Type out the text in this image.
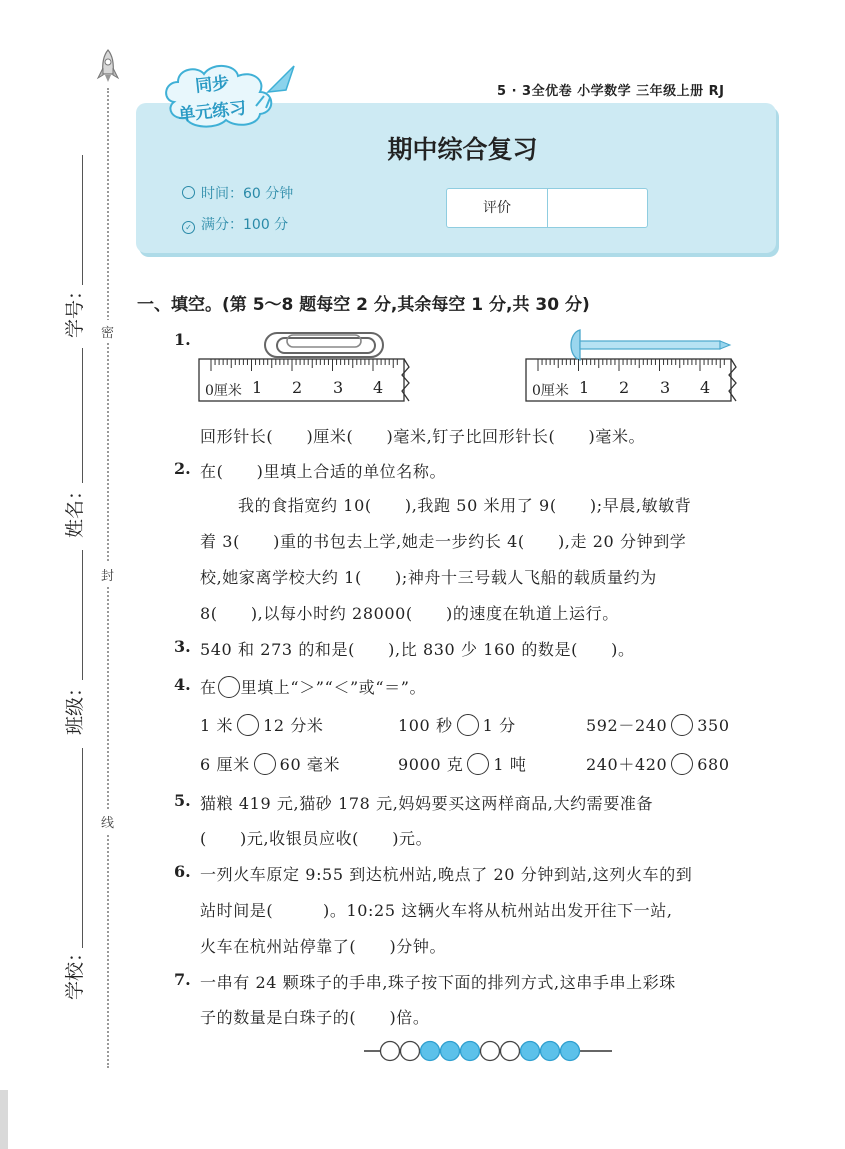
学号： 密
姓名：
封
班级：
线
学校：
5 · 3全优卷 小学数学 三年级上册 RJ
同步
单元练习
期中综合复习
时间：60 分钟
✓ 满分：100 分
评价
一、填空。(第 5～8 题每空 2 分,其余每空 1 分,共 30 分)
1.
0厘米 1 2 3 4	0厘米 1 2 3 4
回形针长(　　)厘米(　　)毫米,钉子比回形针长(　　)毫米。
2. 在(　　)里填上合适的单位名称。
我的食指宽约 10(　　),我跑 50 米用了 9(　　);早晨,敏敏背
着 3(　　)重的书包去上学,她走一步约长 4(　　),走 20 分钟到学
校,她家离学校大约 1(　　);神舟十三号载人飞船的载质量约为
8(　　),以每小时约 28000(　　)的速度在轨道上运行。
3. 540 和 273 的和是(　　),比 830 少 160 的数是(　　)。
4. 在 里填上“＞”“＜”或“＝”。
1 米 12 分米	100 秒 1 分	592－240 350
6 厘米 60 毫米	9000 克 1 吨	240＋420 680
5. 猫粮 419 元,猫砂 178 元,妈妈要买这两样商品,大约需要准备
(　　)元,收银员应收(　　)元。
6. 一列火车原定 9:55 到达杭州站,晚点了 20 分钟到站,这列火车的到
站时间是(　　　)。10:25 这辆火车将从杭州站出发开往下一站,
火车在杭州站停靠了(　　)分钟。
7. 一串有 24 颗珠子的手串,珠子按下面的排列方式,这串手串上彩珠
子的数量是白珠子的(　　)倍。
